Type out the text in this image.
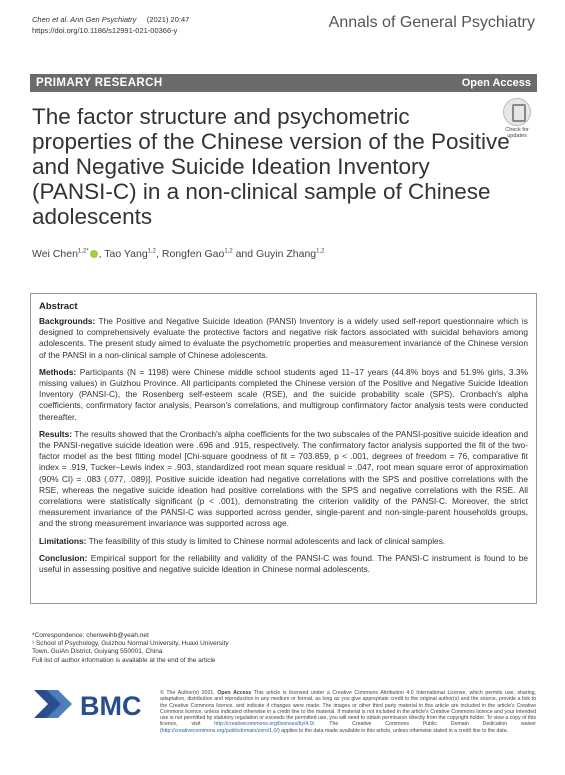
Chen et al. Ann Gen Psychiatry (2021) 20:47
https://doi.org/10.1186/s12991-021-00366-y	Annals of General Psychiatry
PRIMARY RESEARCH	Open Access
The factor structure and psychometric properties of the Chinese version of the Positive and Negative Suicide Ideation Inventory (PANSI-C) in a non-clinical sample of Chinese adolescents
Check for
updates
Wei Chen$^{1,2*}$ , Tao Yang$^{1,2}$, Rongfen Gao$^{1,2}$ and Guyin Zhang$^{1,2}$
Abstract
Backgrounds: The Positive and Negative Suicide Ideation (PANSI) Inventory is a widely used self-report questionnaire which is designed to comprehensively evaluate the protective factors and negative risk factors associated with suicidal behaviors among adolescents. The present study aimed to evaluate the psychometric properties and measurement invariance of the Chinese version of the PANSI in a non-clinical sample of Chinese adolescents.
Methods: Participants (N = 1198) were Chinese middle school students aged 11–17 years (44.8% boys and 51.9% girls, 3.3% missing values) in Guizhou Province. All participants completed the Chinese version of the Positive and Negative Suicide Ideation Inventory (PANSI-C), the Rosenberg self-esteem scale (RSE), and the suicide probability scale (SPS). Cronbach's alpha coefficients, confirmatory factor analysis, Pearson's correlations, and multigroup confirmatory factor analysis tests were conducted thereafter.
Results: The results showed that the Cronbach's alpha coefficients for the two subscales of the PANSI-positive suicide ideation and the PANSI-negative suicide ideation were .696 and .915, respectively. The confirmatory factor analysis supported the fit of the two-factor model as the best fitting model [Chi-square goodness of fit = 703.859, p < .001, degrees of freedom = 76, comparative fit index = .919, Tucker–Lewis index = .903, standardized root mean square residual = .047, root mean square error of approximation (90% CI) = .083 (.077, .089)]. Positive suicide ideation had negative correlations with the SPS and positive correlations with the RSE, whereas the negative suicide ideation had positive correlations with the SPS and negative correlations with the RSE. All correlations were statistically significant (p < .001), demonstrating the criterion validity of the PANSI-C. Moreover, the strict measurement invariance of the PANSI-C was supported across gender, single-parent and non-single-parent households groups, and the strong measurement invariance was supported across age.
Limitations: The feasibility of this study is limited to Chinese normal adolescents and lack of clinical samples.
Conclusion: Empirical support for the reliability and validity of the PANSI-C was found. The PANSI-C instrument is found to be useful in assessing positive and negative suicide ideation in Chinese normal adolescents.
*Correspondence: chenweihb@yeah.net
¹ School of Psychology, Guizhou Normal University, Huaxi University
Town, GuiAn District, Guiyang 550001, China
Full list of author information is available at the end of the article
BMC	© The Author(s) 2021. Open Access This article is licensed under a Creative Commons Attribution 4.0 International License, which permits use, sharing, adaptation, distribution and reproduction in any medium or format, as long as you give appropriate credit to the original author(s) and the source, provide a link to the Creative Commons licence, and indicate if changes were made. The images or other third party material in this article are included in the article's Creative Commons licence, unless indicated otherwise in a credit line to the material. If material is not included in the article's Creative Commons licence and your intended use is not permitted by statutory regulation or exceeds the permitted use, you will need to obtain permission directly from the copyright holder. To view a copy of this licence, visit	http://creativecommons.org/licenses/by/4.0/. The Creative Commons Public Domain Dedication waiver (http://creativecommons.org/publicdomain/zero/1.0/) applies to the data made available in this article, unless otherwise stated in a credit line to the data.
